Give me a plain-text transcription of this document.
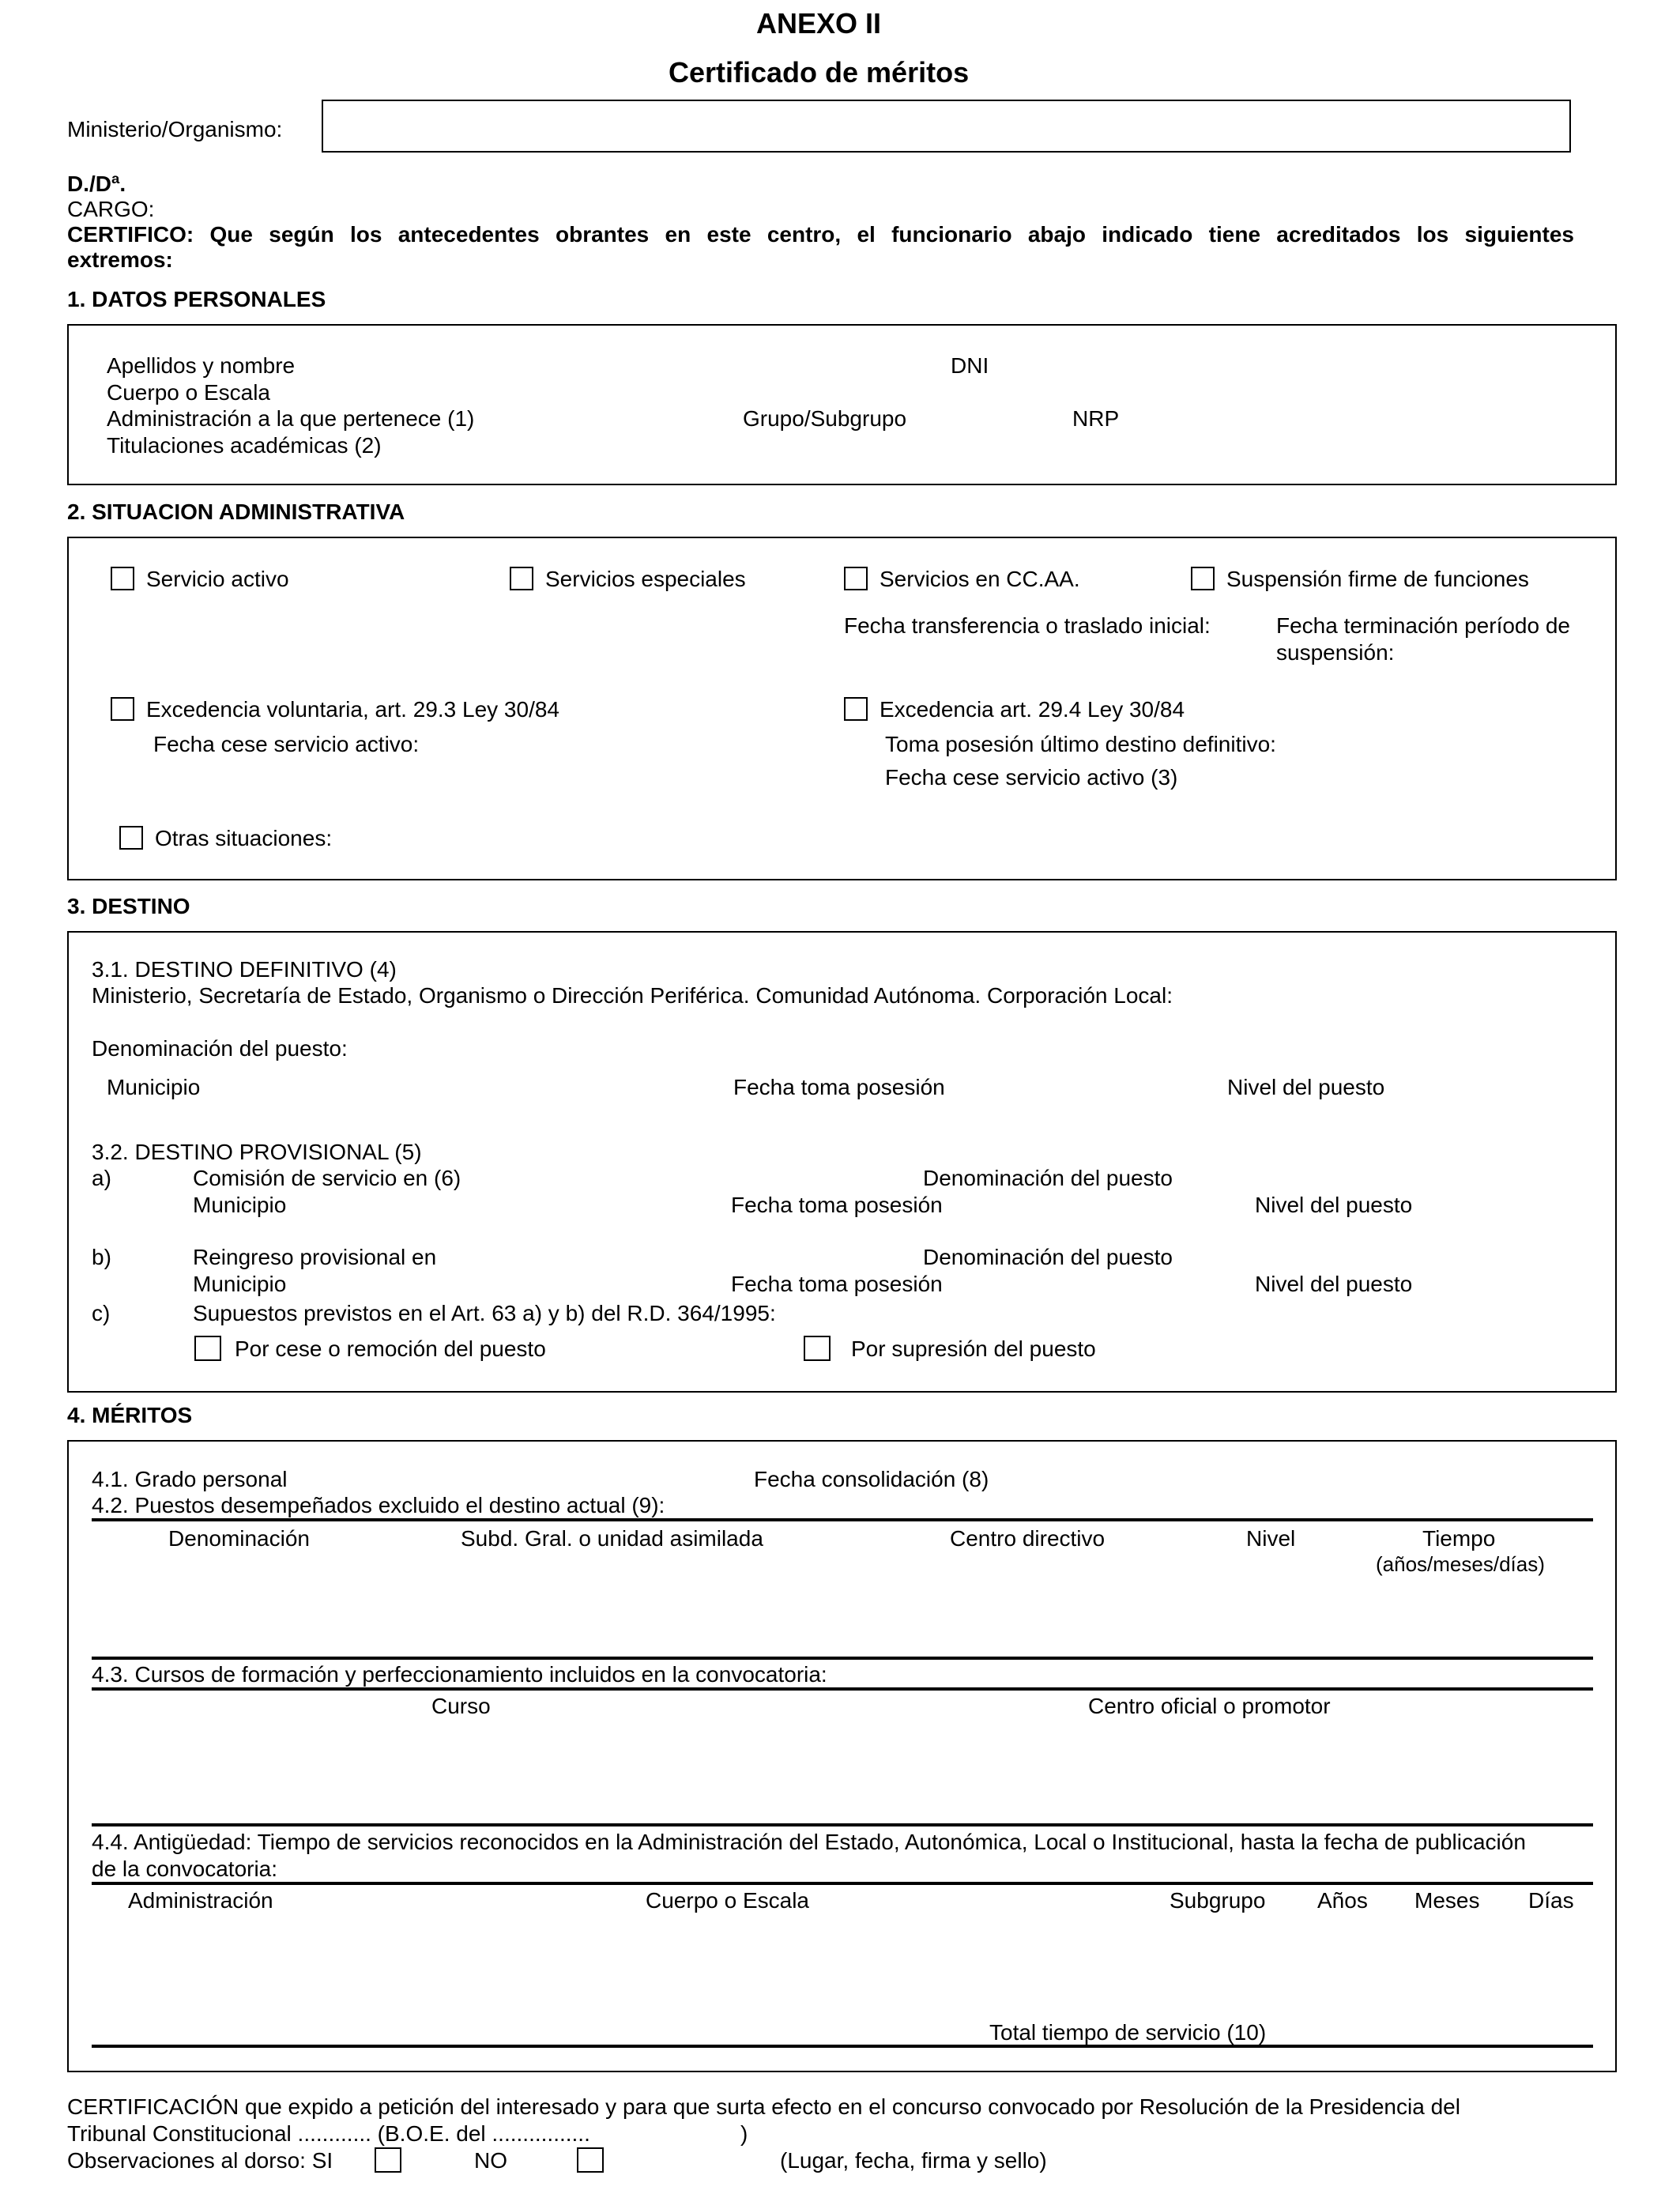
ANEXO II
Certificado de méritos
Ministerio/Organismo:
D./Dª.
CARGO:
CERTIFICO: Que según los antecedentes obrantes en este centro, el funcionario abajo indicado tiene acreditados los siguientes
extremos:
1. DATOS PERSONALES
Apellidos y nombre	DNI
Cuerpo o Escala
Administración a la que pertenece (1)	Grupo/Subgrupo	NRP
Titulaciones académicas (2)
2. SITUACION ADMINISTRATIVA
Servicio activo	Servicios especiales	Servicios en CC.AA.	Suspensión firme de funciones
Fecha transferencia o traslado inicial:	Fecha terminación período de
suspensión:
Excedencia voluntaria, art. 29.3 Ley 30/84
Fecha cese servicio activo:
Excedencia art. 29.4 Ley 30/84
Toma posesión último destino definitivo:
Fecha cese servicio activo (3)
Otras situaciones:
3. DESTINO
3.1. DESTINO DEFINITIVO (4)
Ministerio, Secretaría de Estado, Organismo o Dirección Periférica. Comunidad Autónoma. Corporación Local:
Denominación del puesto:
Municipio	Fecha toma posesión	Nivel del puesto
3.2. DESTINO PROVISIONAL (5)
a)	Comisión de servicio en (6)	Denominación del puesto
Municipio	Fecha toma posesión	Nivel del puesto
b)	Reingreso provisional en	Denominación del puesto
Municipio	Fecha toma posesión	Nivel del puesto
c)	Supuestos previstos en el Art. 63 a) y b) del R.D. 364/1995:
Por cese o remoción del puesto	Por supresión del puesto
4. MÉRITOS
4.1. Grado personal	Fecha consolidación (8)
4.2. Puestos desempeñados excluido el destino actual (9):
Denominación	Subd. Gral. o unidad asimilada	Centro directivo	Nivel	Tiempo
(años/meses/días)
4.3. Cursos de formación y perfeccionamiento incluidos en la convocatoria:
Curso	Centro oficial o promotor
4.4. Antigüedad: Tiempo de servicios reconocidos en la Administración del Estado, Autonómica, Local o Institucional, hasta la fecha de publicación
de la convocatoria:
Administración	Cuerpo o Escala	Subgrupo Años Meses Días
Total tiempo de servicio (10)
CERTIFICACIÓN que expido a petición del interesado y para que surta efecto en el concurso convocado por Resolución de la Presidencia del
Tribunal Constitucional ............ (B.O.E. del ................	)
Observaciones al dorso: SI	NO	(Lugar, fecha, firma y sello)
